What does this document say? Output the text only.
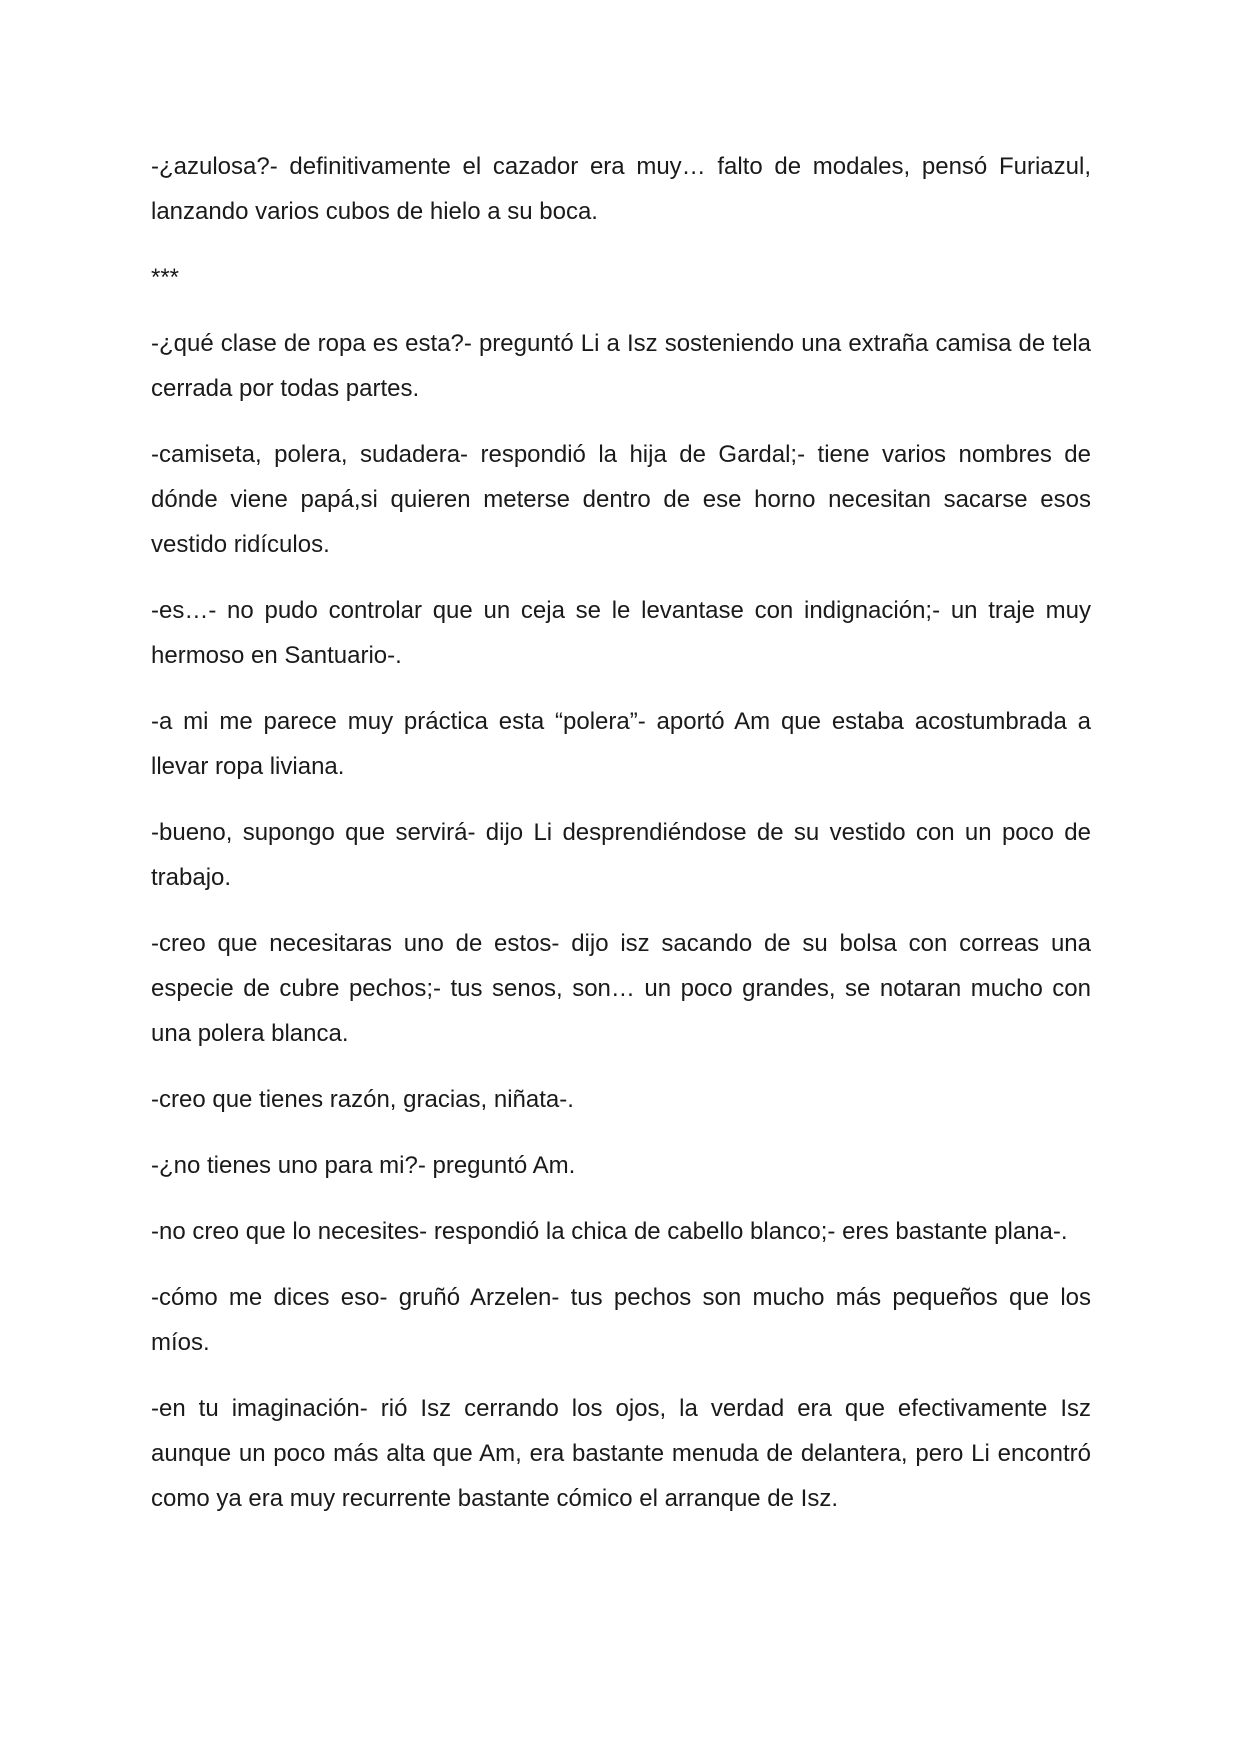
-¿azulosa?- definitivamente el cazador era muy… falto de modales, pensó Furiazul, lanzando varios cubos de hielo a su boca.

***

-¿qué clase de ropa es esta?- preguntó Li a Isz sosteniendo una extraña camisa de tela cerrada por todas partes.

-camiseta, polera, sudadera- respondió la hija de Gardal;- tiene varios nombres de dónde viene papá,si quieren meterse dentro de ese horno necesitan sacarse esos vestido ridículos.

-es…- no pudo controlar que un ceja se le levantase con indignación;- un traje muy hermoso en Santuario-.

-a mi me parece muy práctica esta “polera”- aportó Am que estaba acostumbrada a llevar ropa liviana.

-bueno, supongo que servirá- dijo Li desprendiéndose de su vestido con un poco de trabajo.

-creo que necesitaras uno de estos- dijo isz sacando de su bolsa con correas una especie de cubre pechos;- tus senos, son… un poco grandes, se notaran mucho con una polera blanca.

-creo que tienes razón, gracias, niñata-.

-¿no tienes uno para mi?- preguntó Am.

-no creo que lo necesites- respondió la chica de cabello blanco;- eres bastante plana-.

-cómo me dices eso- gruñó Arzelen- tus pechos son mucho más pequeños que los míos.

-en tu imaginación- rió Isz cerrando los ojos, la verdad era que efectivamente Isz aunque un poco más alta que Am, era bastante menuda de delantera, pero Li encontró como ya era muy recurrente bastante cómico el arranque de Isz.
